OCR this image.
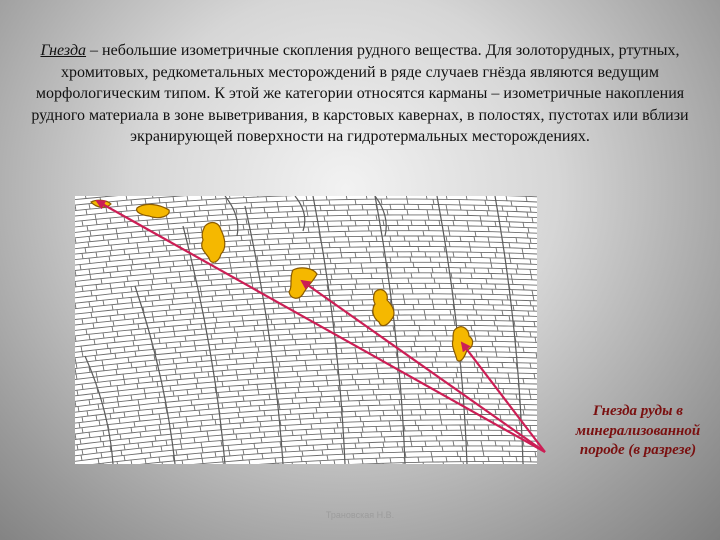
Гнезда – небольшие изометричные скопления рудного вещества. Для золоторудных, ртутных, хромитовых, редкометальных месторождений в ряде случаев гнёзда являются ведущим морфологическим типом. К этой же категории относятся карманы – изометричные накопления рудного материала в зоне выветривания, в карстовых кавернах, в полостях, пустотах или вблизи экранирующей поверхности на гидротермальных месторождениях.
Гнезда руды в минерализованной породе (в разрезе)
Трановская Н.В.
